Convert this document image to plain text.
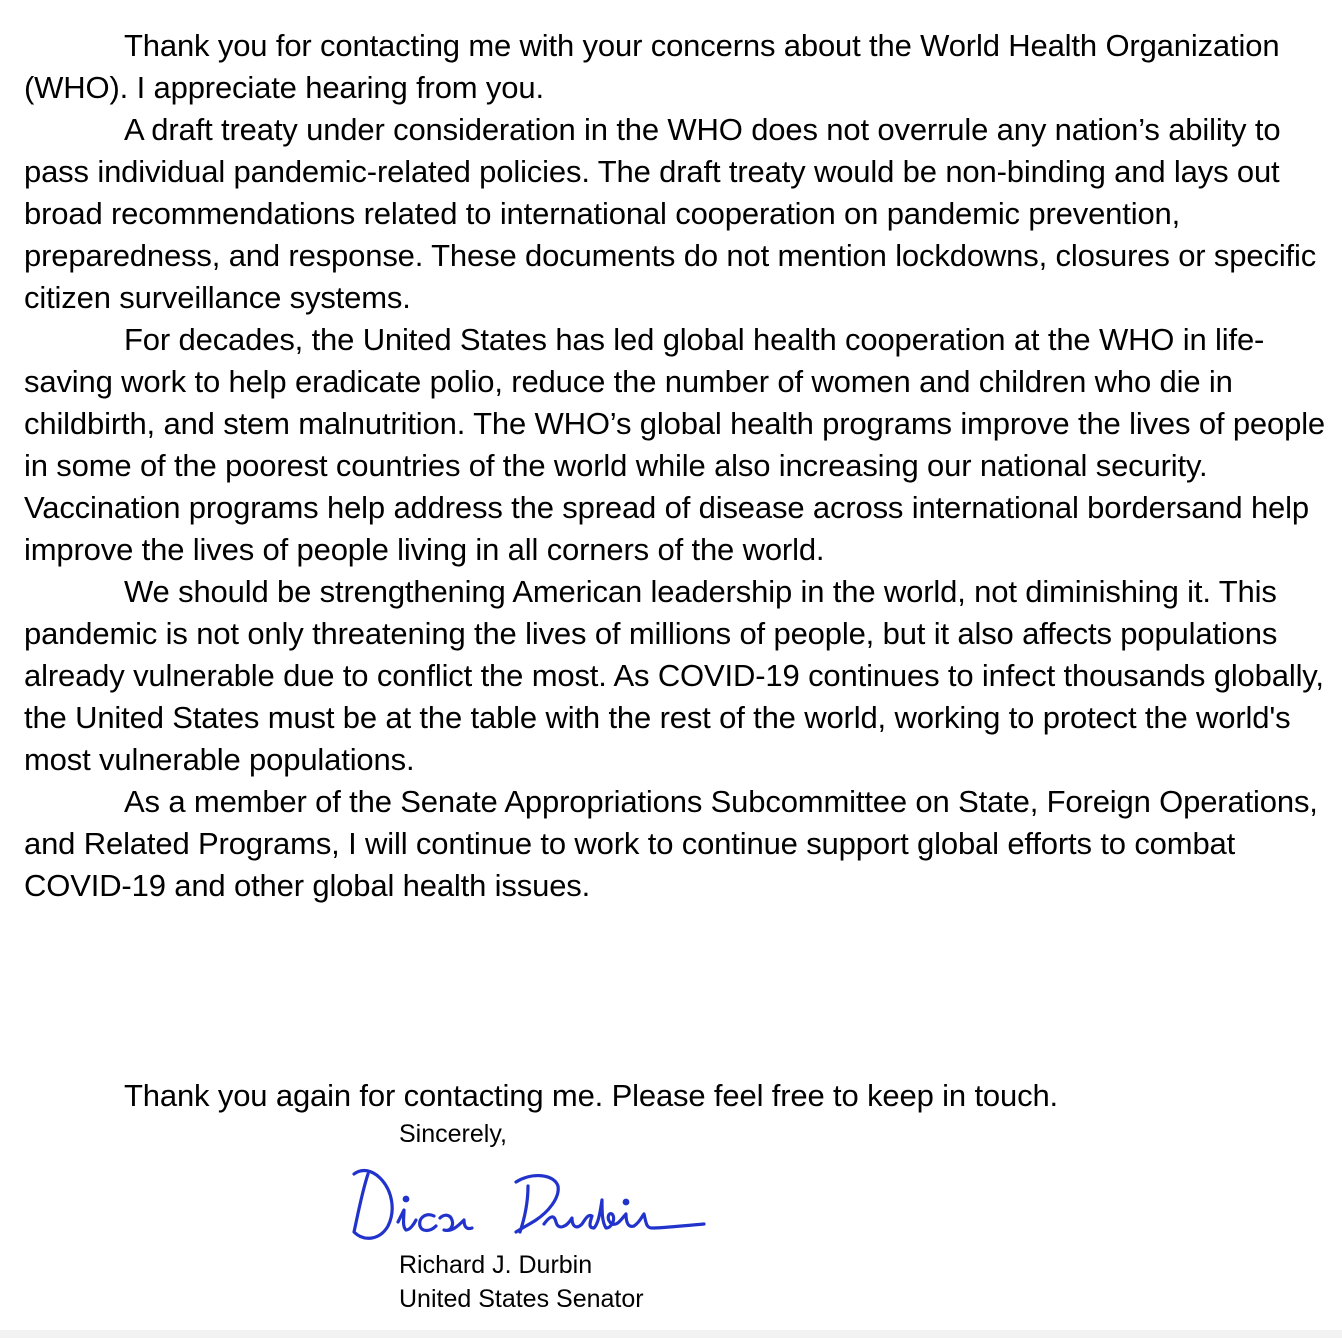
Thank you for contacting me with your concerns about the World Health Organization (WHO). I appreciate hearing from you.

A draft treaty under consideration in the WHO does not overrule any nation’s ability to pass individual pandemic-related policies. The draft treaty would be non-binding and lays out broad recommendations related to international cooperation on pandemic prevention, preparedness, and response. These documents do not mention lockdowns, closures or specific citizen surveillance systems.

For decades, the United States has led global health cooperation at the WHO in life-saving work to help eradicate polio, reduce the number of women and children who die in childbirth, and stem malnutrition. The WHO’s global health programs improve the lives of people in some of the poorest countries of the world while also increasing our national security. Vaccination programs help address the spread of disease across international bordersand help improve the lives of people living in all corners of the world.

We should be strengthening American leadership in the world, not diminishing it. This pandemic is not only threatening the lives of millions of people, but it also affects populations already vulnerable due to conflict the most. As COVID-19 continues to infect thousands globally, the United States must be at the table with the rest of the world, working to protect the world's most vulnerable populations.

As a member of the Senate Appropriations Subcommittee on State, Foreign Operations, and Related Programs, I will continue to work to continue support global efforts to combat COVID-19 and other global health issues.

Thank you again for contacting me. Please feel free to keep in touch.
Sincerely,
Richard J. Durbin
United States Senator
